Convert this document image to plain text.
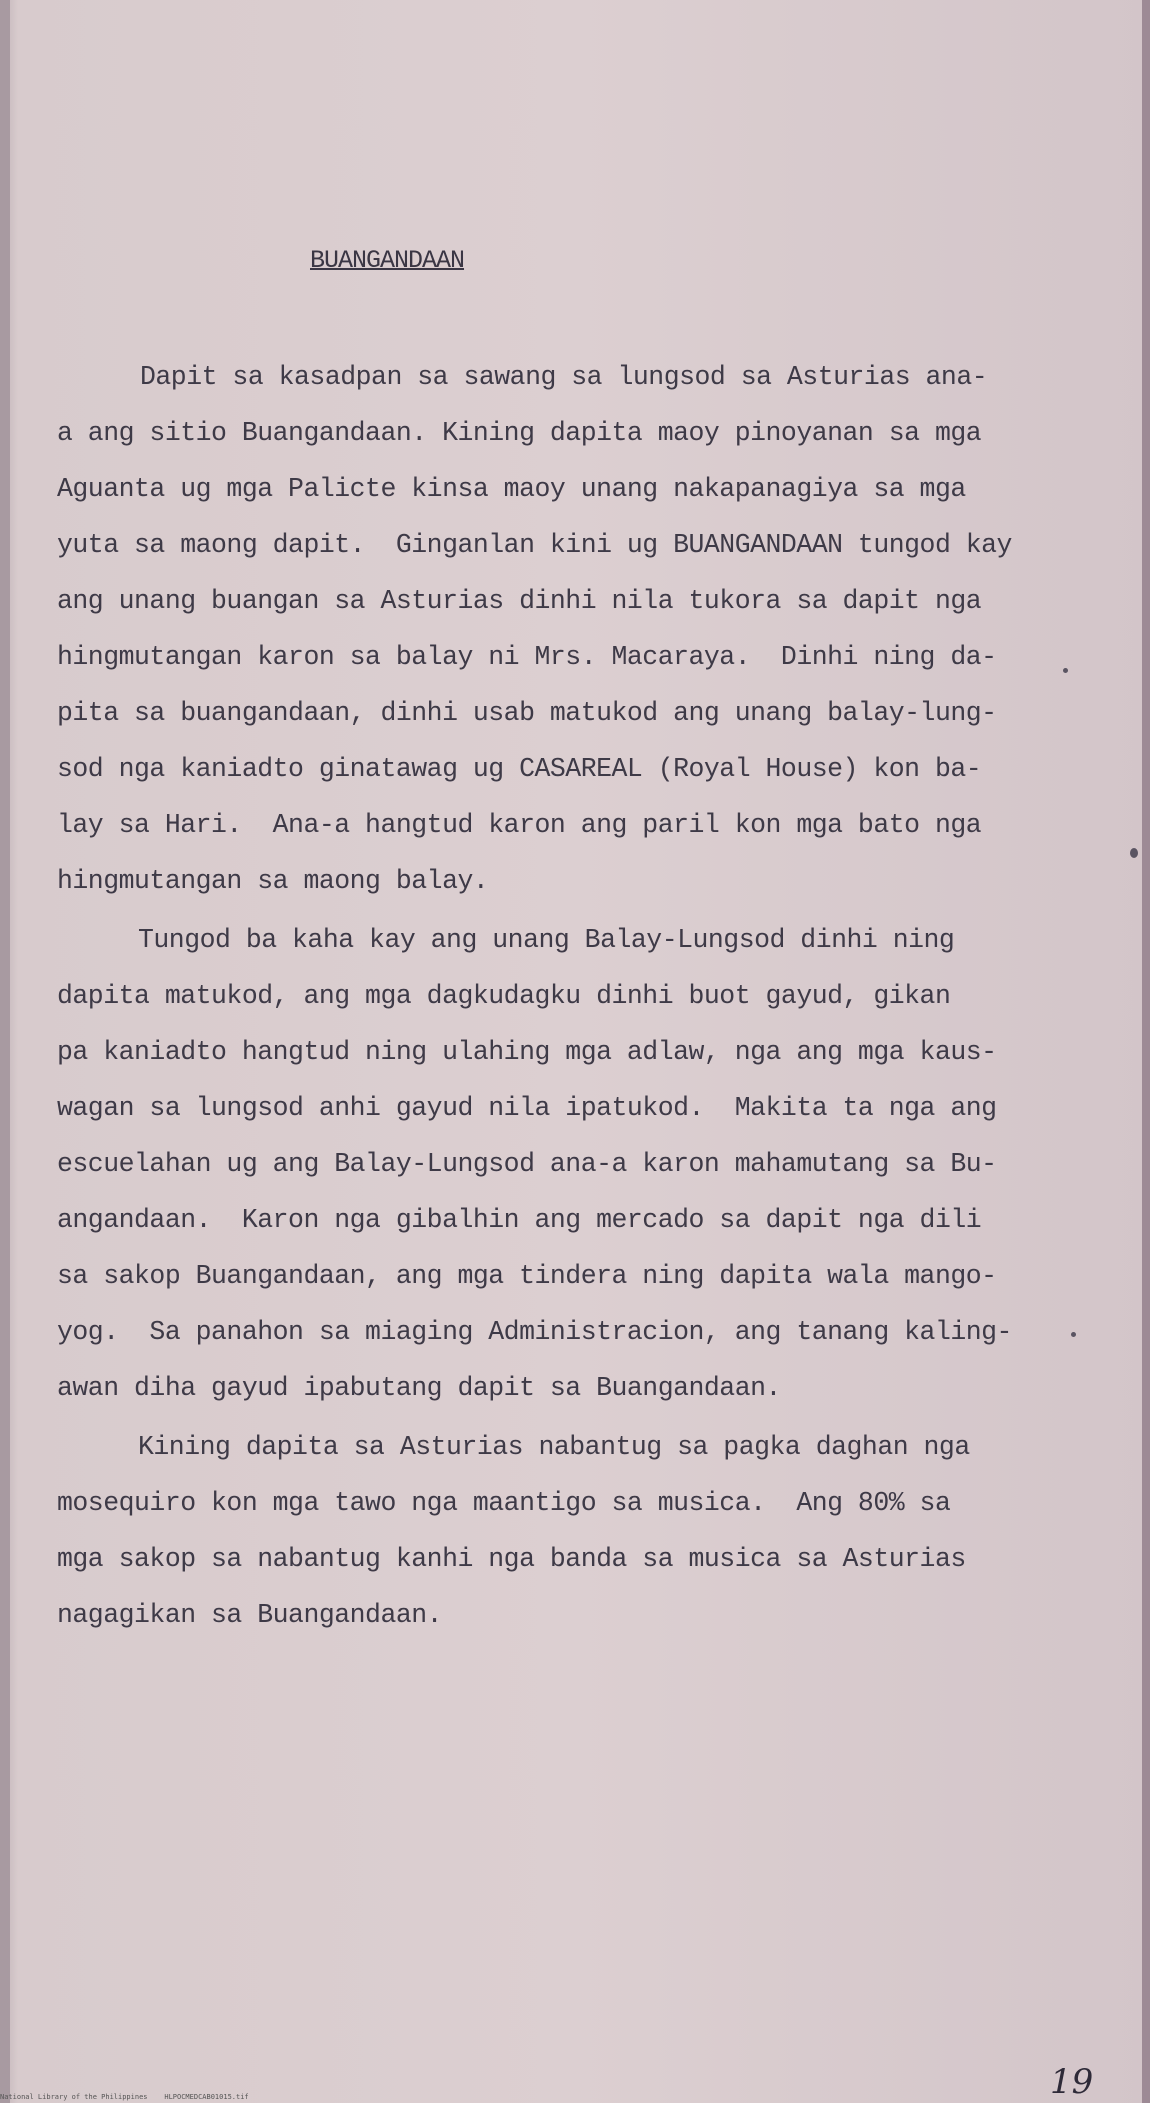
BUANGANDAAN
Dapit sa kasadpan sa sawang sa lungsod sa Asturias ana-
a ang sitio Buangandaan. Kining dapita maoy pinoyanan sa mga
Aguanta ug mga Palicte kinsa maoy unang nakapanagiya sa mga
yuta sa maong dapit.  Ginganlan kini ug BUANGANDAAN tungod kay
ang unang buangan sa Asturias dinhi nila tukora sa dapit nga
hingmutangan karon sa balay ni Mrs. Macaraya.  Dinhi ning da-
pita sa buangandaan, dinhi usab matukod ang unang balay-lung-
sod nga kaniadto ginatawag ug CASAREAL (Royal House) kon ba-
lay sa Hari.  Ana-a hangtud karon ang paril kon mga bato nga
hingmutangan sa maong balay.
Tungod ba kaha kay ang unang Balay-Lungsod dinhi ning
dapita matukod, ang mga dagkudagku dinhi buot gayud, gikan
pa kaniadto hangtud ning ulahing mga adlaw, nga ang mga kaus-
wagan sa lungsod anhi gayud nila ipatukod.  Makita ta nga ang
escuelahan ug ang Balay-Lungsod ana-a karon mahamutang sa Bu-
angandaan.  Karon nga gibalhin ang mercado sa dapit nga dili
sa sakop Buangandaan, ang mga tindera ning dapita wala mango-
yog.  Sa panahon sa miaging Administracion, ang tanang kaling-
awan diha gayud ipabutang dapit sa Buangandaan.
Kining dapita sa Asturias nabantug sa pagka daghan nga
mosequiro kon mga tawo nga maantigo sa musica.  Ang 80% sa
mga sakop sa nabantug kanhi nga banda sa musica sa Asturias
nagagikan sa Buangandaan.
19
National Library of the Philippines    HLPOCMEDCAB01015.tif
